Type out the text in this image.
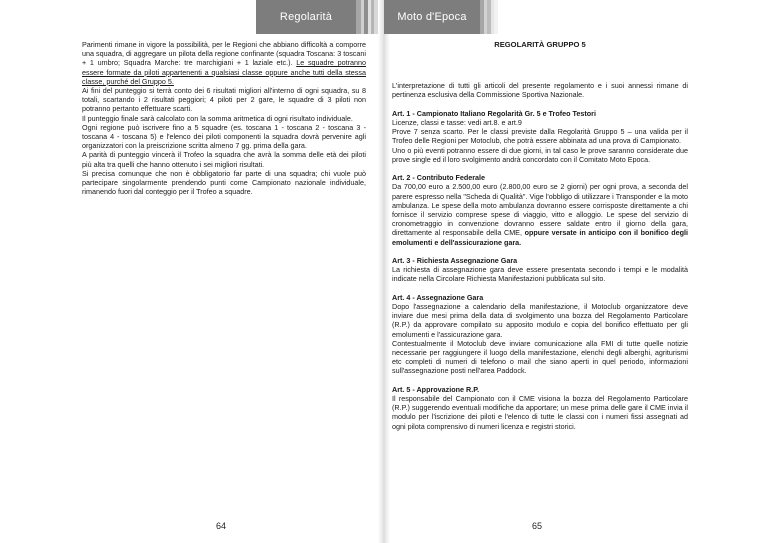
Regolarità

Parimenti rimane in vigore la possibilità, per le Regioni che abbiano difficoltà a comporre una squadra, di aggregare un pilota della regione confinante (squadra Toscana: 3 toscani + 1 umbro; Squadra Marche: tre marchigiani + 1 laziale etc.). Le squadre potranno essere formate da piloti appartenenti a qualsiasi classe oppure anche tutti della stessa classe, purché del Gruppo 5.

Ai fini del punteggio si terrà conto dei 6 risultati migliori all'interno di ogni squadra, su 8 totali, scartando i 2 risultati peggiori; 4 piloti per 2 gare, le squadre di 3 piloti non potranno pertanto effettuare scarti.

Il punteggio finale sarà calcolato con la somma aritmetica di ogni risultato individuale.

Ogni regione può iscrivere fino a 5 squadre (es. toscana 1 - toscana 2 - toscana 3 - toscana 4 - toscana 5) e l'elenco dei piloti componenti la squadra dovrà pervenire agli organizzatori con la preiscrizione scritta almeno 7 gg. prima della gara.

A parità di punteggio vincerà il Trofeo la squadra che avrà la somma delle età dei piloti più alta tra quelli che hanno ottenuto i sei migliori risultati.

Si precisa comunque che non è obbligatorio far parte di una squadra; chi vuole può partecipare singolarmente prendendo punti come Campionato nazionale individuale, rimanendo fuori dal conteggio per il Trofeo a squadre.

64
Moto d'Epoca

REGOLARITÀ GRUPPO 5

L'interpretazione di tutti gli articoli del presente regolamento e i suoi annessi rimane di pertinenza esclusiva della Commissione Sportiva Nazionale.

Art. 1 - Campionato Italiano Regolarità Gr. 5 e Trofeo Testori

Licenze, classi e tasse: vedi art.8. e art.9
Prove 7 senza scarto. Per le classi previste dalla Regolarità Gruppo 5 – una valida per il Trofeo delle Regioni per Motoclub, che potrà essere abbinata ad una prova di Campionato.
Uno o più eventi potranno essere di due giorni, in tal caso le prove saranno considerate due prove single ed il loro svolgimento andrà concordato con il Comitato Moto Epoca.

Art. 2 - Contributo Federale

Da 700,00 euro a 2.500,00 euro (2.800,00 euro se 2 giorni) per ogni prova, a seconda del parere espresso nella "Scheda di Qualità". Vige l'obbligo di utilizzare i Transponder e la moto ambulanza. Le spese della moto ambulanza dovranno essere corrisposte direttamente a chi fornisce il servizio comprese spese di viaggio, vitto e alloggio. Le spese del servizio di cronometraggio in convenzione dovranno essere saldate entro il giorno della gara, direttamente al responsabile della CME, oppure versate in anticipo con il bonifico degli emolumenti e dell'assicurazione gara.

Art. 3 - Richiesta Assegnazione Gara

La richiesta di assegnazione gara deve essere presentata secondo i tempi e le modalità indicate nella Circolare Richiesta Manifestazioni pubblicata sul sito.

Art. 4 - Assegnazione Gara

Dopo l'assegnazione a calendario della manifestazione, il Motoclub organizzatore deve inviare due mesi prima della data di svolgimento una bozza del Regolamento Particolare (R.P.) da approvare compilato su apposito modulo e copia del bonifico effettuato per gli emolumenti e l'assicurazione gara.
Contestualmente il Motoclub deve inviare comunicazione alla FMI di tutte quelle notizie necessarie per raggiungere il luogo della manifestazione, elenchi degli alberghi, agriturismi etc completi di numeri di telefono o mail che siano aperti in quel periodo, informazioni sull'assegnazione posti nell'area Paddock.

Art. 5 - Approvazione R.P.

Il responsabile del Campionato con il CME visiona la bozza del Regolamento Particolare (R.P.) suggerendo eventuali modifiche da apportare; un mese prima delle gare il CME invia il modulo per l'iscrizione dei piloti e l'elenco di tutte le classi con i numeri fissi assegnati ad ogni pilota comprensivo di numeri licenza e registri storici.

65
